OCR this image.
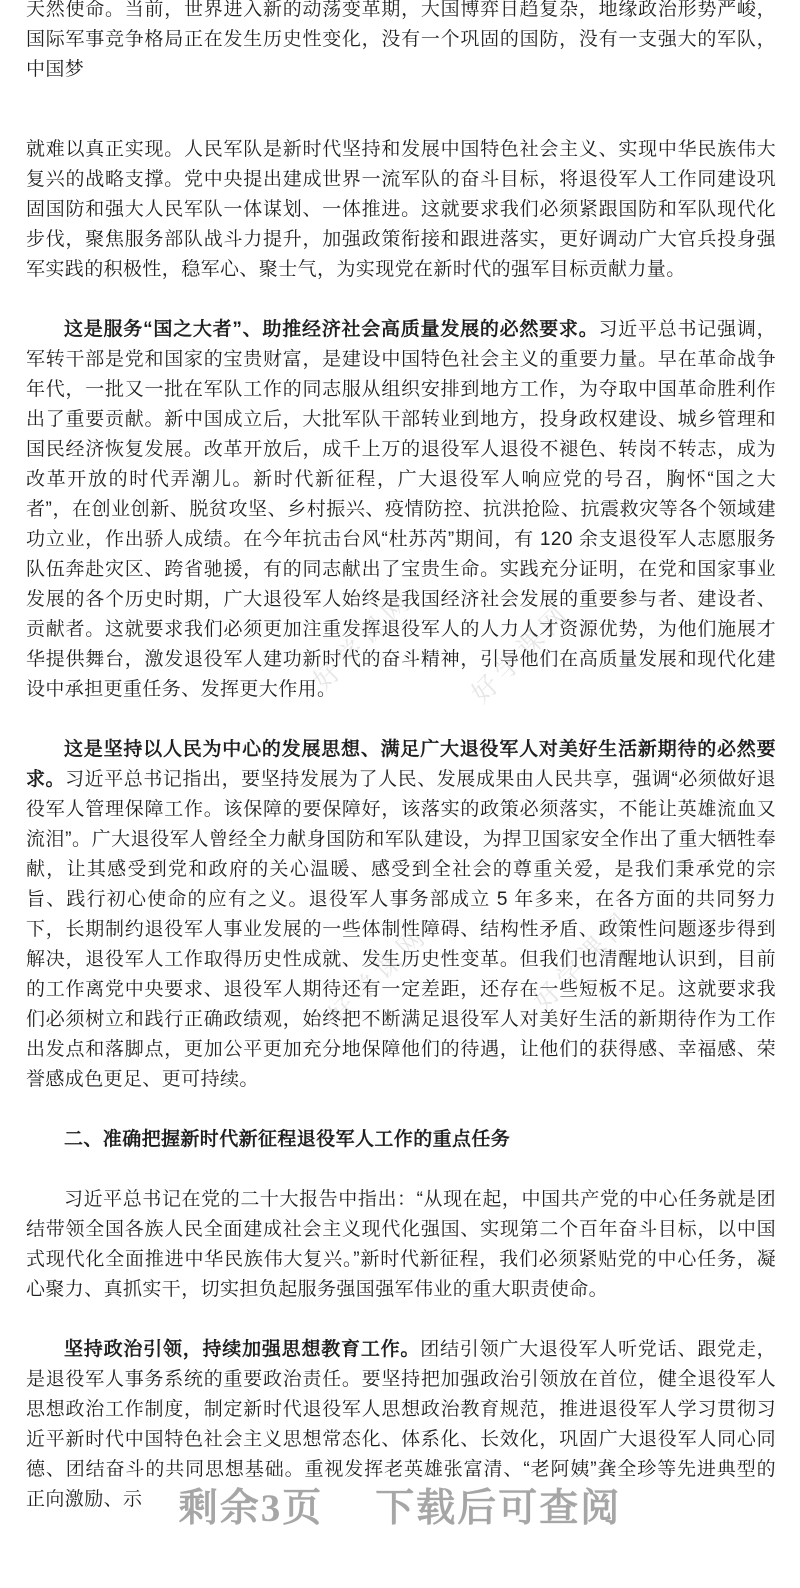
天然使命。当前，世界进入新的动荡变革期，大国博弈日趋复杂，地缘政治形势严峻，国际军事竞争格局正在发生历史性变化，没有一个巩固的国防，没有一支强大的军队，中国梦

就难以真正实现。人民军队是新时代坚持和发展中国特色社会主义、实现中华民族伟大复兴的战略支撑。党中央提出建成世界一流军队的奋斗目标，将退役军人工作同建设巩固国防和强大人民军队一体谋划、一体推进。这就要求我们必须紧跟国防和军队现代化步伐，聚焦服务部队战斗力提升，加强政策衔接和跟进落实，更好调动广大官兵投身强军实践的积极性，稳军心、聚士气，为实现党在新时代的强军目标贡献力量。

这是服务“国之大者”、助推经济社会高质量发展的必然要求。习近平总书记强调，军转干部是党和国家的宝贵财富，是建设中国特色社会主义的重要力量。早在革命战争年代，一批又一批在军队工作的同志服从组织安排到地方工作，为夺取中国革命胜利作出了重要贡献。新中国成立后，大批军队干部转业到地方，投身政权建设、城乡管理和国民经济恢复发展。改革开放后，成千上万的退役军人退役不褪色、转岗不转志，成为改革开放的时代弄潮儿。新时代新征程，广大退役军人响应党的号召，胸怀“国之大者”，在创业创新、脱贫攻坚、乡村振兴、疫情防控、抗洪抢险、抗震救灾等各个领域建功立业，作出骄人成绩。在今年抗击台风“杜苏芮”期间，有 120 余支退役军人志愿服务队伍奔赴灾区、跨省驰援，有的同志献出了宝贵生命。实践充分证明，在党和国家事业发展的各个历史时期，广大退役军人始终是我国经济社会发展的重要参与者、建设者、贡献者。这就要求我们必须更加注重发挥退役军人的人力人才资源优势，为他们施展才华提供舞台，激发退役军人建功新时代的奋斗精神，引导他们在高质量发展和现代化建设中承担更重任务、发挥更大作用。

这是坚持以人民为中心的发展思想、满足广大退役军人对美好生活新期待的必然要求。习近平总书记指出，要坚持发展为了人民、发展成果由人民共享，强调“必须做好退役军人管理保障工作。该保障的要保障好，该落实的政策必须落实，不能让英雄流血又流泪”。广大退役军人曾经全力献身国防和军队建设，为捍卫国家安全作出了重大牺牲奉献，让其感受到党和政府的关心温暖、感受到全社会的尊重关爱，是我们秉承党的宗旨、践行初心使命的应有之义。退役军人事务部成立 5 年多来，在各方面的共同努力下，长期制约退役军人事业发展的一些体制性障碍、结构性矛盾、政策性问题逐步得到解决，退役军人工作取得历史性成就、发生历史性变革。但我们也清醒地认识到，目前的工作离党中央要求、退役军人期待还有一定差距，还存在一些短板不足。这就要求我们必须树立和践行正确政绩观，始终把不断满足退役军人对美好生活的新期待作为工作出发点和落脚点，更加公平更加充分地保障他们的待遇，让他们的获得感、幸福感、荣誉感成色更足、更可持续。

二、准确把握新时代新征程退役军人工作的重点任务

习近平总书记在党的二十大报告中指出：“从现在起，中国共产党的中心任务就是团结带领全国各族人民全面建成社会主义现代化强国、实现第二个百年奋斗目标，以中国式现代化全面推进中华民族伟大复兴。”新时代新征程，我们必须紧贴党的中心任务，凝心聚力、真抓实干，切实担负起服务强国强军伟业的重大职责使命。

坚持政治引领，持续加强思想教育工作。团结引领广大退役军人听党话、跟党走，是退役军人事务系统的重要政治责任。要坚持把加强政治引领放在首位，健全退役军人思想政治工作制度，制定新时代退役军人思想政治教育规范，推进退役军人学习贯彻习近平新时代中国特色社会主义思想常态化、体系化、长效化，巩固广大退役军人同心同德、团结奋斗的共同思想基础。重视发挥老英雄张富清、“老阿姨”龚全珍等先进典型的正向激励、示 剩余3页 下载后可查阅
好学课网 好学课网
好学课网	好学课网
